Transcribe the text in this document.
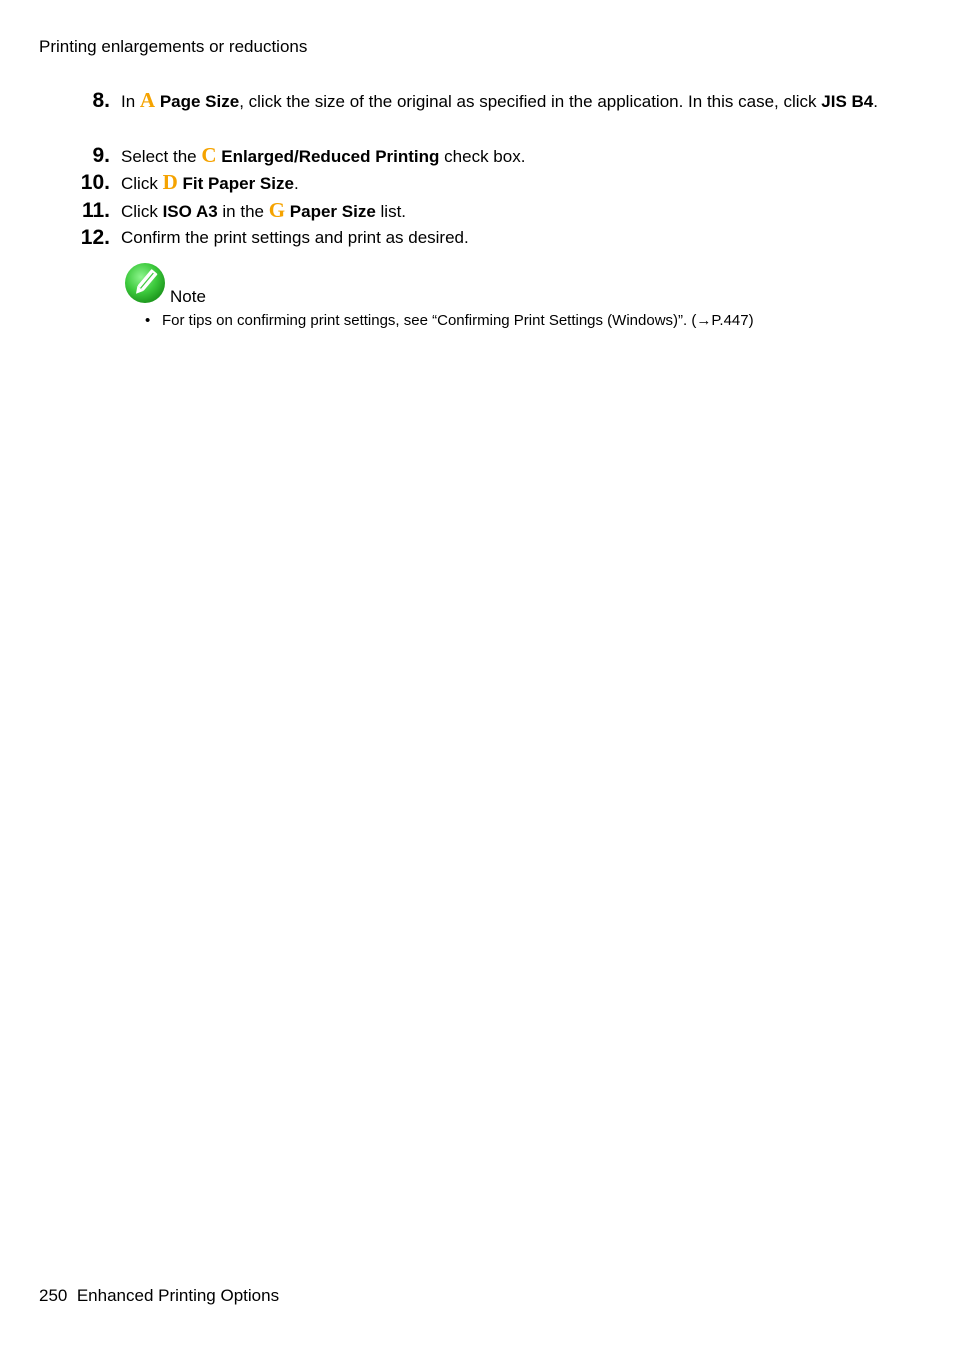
Printing enlargements or reductions
8. In A Page Size, click the size of the original as specified in the application. In this case, click JIS B4.
9. Select the C Enlarged/Reduced Printing check box.
10. Click D Fit Paper Size.
11. Click ISO A3 in the G Paper Size list.
12. Confirm the print settings and print as desired.
Note
• For tips on confirming print settings, see “Confirming Print Settings (Windows)”. (→P.447)
250 Enhanced Printing Options
